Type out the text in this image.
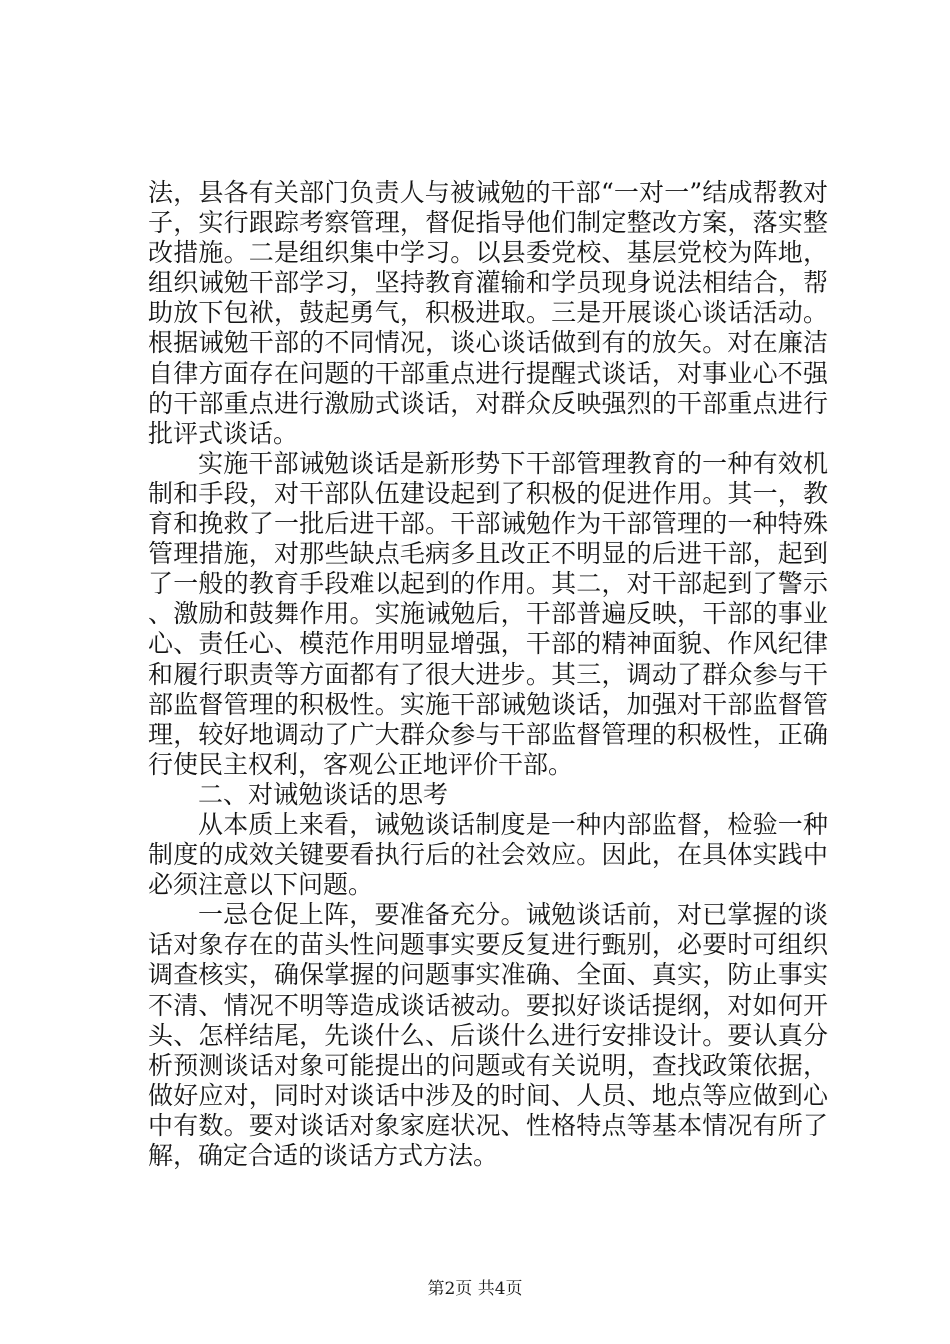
法，县各有关部门负责人与被诫勉的干部“一对一”结成帮教对子，实行跟踪考察管理，督促指导他们制定整改方案，落实整改措施。二是组织集中学习。以县委党校、基层党校为阵地，组织诫勉干部学习，坚持教育灌输和学员现身说法相结合，帮助放下包袱，鼓起勇气，积极进取。三是开展谈心谈话活动。根据诫勉干部的不同情况，谈心谈话做到有的放矢。对在廉洁自律方面存在问题的干部重点进行提醒式谈话，对事业心不强的干部重点进行激励式谈话，对群众反映强烈的干部重点进行批评式谈话。

实施干部诫勉谈话是新形势下干部管理教育的一种有效机制和手段，对干部队伍建设起到了积极的促进作用。其一，教育和挽救了一批后进干部。干部诫勉作为干部管理的一种特殊管理措施，对那些缺点毛病多且改正不明显的后进干部，起到了一般的教育手段难以起到的作用。其二，对干部起到了警示、激励和鼓舞作用。实施诫勉后，干部普遍反映，干部的事业心、责任心、模范作用明显增强，干部的精神面貌、作风纪律和履行职责等方面都有了很大进步。其三，调动了群众参与干部监督管理的积极性。实施干部诫勉谈话，加强对干部监督管理，较好地调动了广大群众参与干部监督管理的积极性，正确行使民主权利，客观公正地评价干部。

二、对诫勉谈话的思考

从本质上来看，诫勉谈话制度是一种内部监督，检验一种制度的成效关键要看执行后的社会效应。因此，在具体实践中必须注意以下问题。

一忌仓促上阵，要准备充分。诫勉谈话前，对已掌握的谈话对象存在的苗头性问题事实要反复进行甄别，必要时可组织调查核实，确保掌握的问题事实准确、全面、真实，防止事实不清、情况不明等造成谈话被动。要拟好谈话提纲，对如何开头、怎样结尾，先谈什么、后谈什么进行安排设计。要认真分析预测谈话对象可能提出的问题或有关说明，查找政策依据，做好应对，同时对谈话中涉及的时间、人员、地点等应做到心中有数。要对谈话对象家庭状况、性格特点等基本情况有所了解，确定合适的谈话方式方法。

第2页 共4页
